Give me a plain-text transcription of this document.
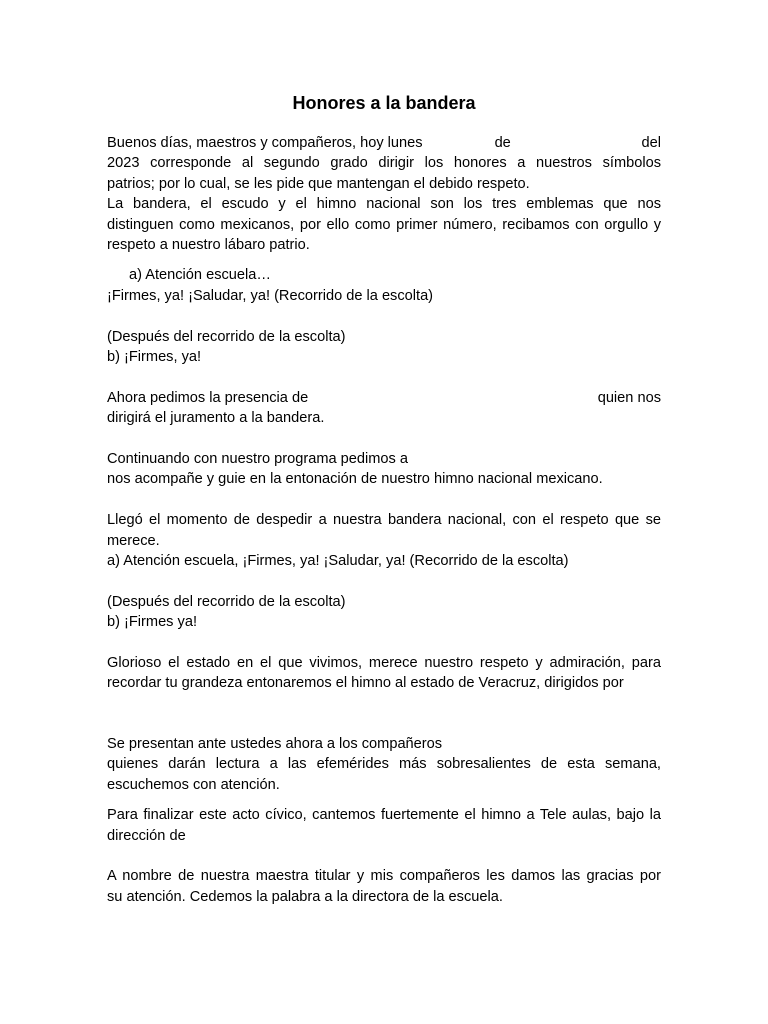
Honores a la bandera
Buenos días, maestros y compañeros, hoy lunes	de	del
2023 corresponde al segundo grado dirigir los honores a nuestros símbolos
patrios; por lo cual, se les pide que mantengan el debido respeto.
La bandera, el escudo y el himno nacional son los tres emblemas que nos
distinguen como mexicanos, por ello como primer número, recibamos con orgullo y
respeto a nuestro lábaro patrio.
a) Atención escuela…
¡Firmes, ya! ¡Saludar, ya! (Recorrido de la escolta)
(Después del recorrido de la escolta)
b) ¡Firmes, ya!
Ahora pedimos la presencia de	quien nos
dirigirá el juramento a la bandera.
Continuando con nuestro programa pedimos a
nos acompañe y guie en la entonación de nuestro himno nacional mexicano.
Llegó el momento de despedir a nuestra bandera nacional, con el respeto que se
merece.
a) Atención escuela, ¡Firmes, ya! ¡Saludar, ya! (Recorrido de la escolta)
(Después del recorrido de la escolta)
b) ¡Firmes ya!
Glorioso el estado en el que vivimos, merece nuestro respeto y admiración, para
recordar tu grandeza entonaremos el himno al estado de Veracruz, dirigidos por
Se presentan ante ustedes ahora a los compañeros
quienes darán lectura a las efemérides más sobresalientes de esta semana,
escuchemos con atención.
Para finalizar este acto cívico, cantemos fuertemente el himno a Tele aulas, bajo la
dirección de
A nombre de nuestra maestra titular y mis compañeros les damos las gracias por
su atención. Cedemos la palabra a la directora de la escuela.
